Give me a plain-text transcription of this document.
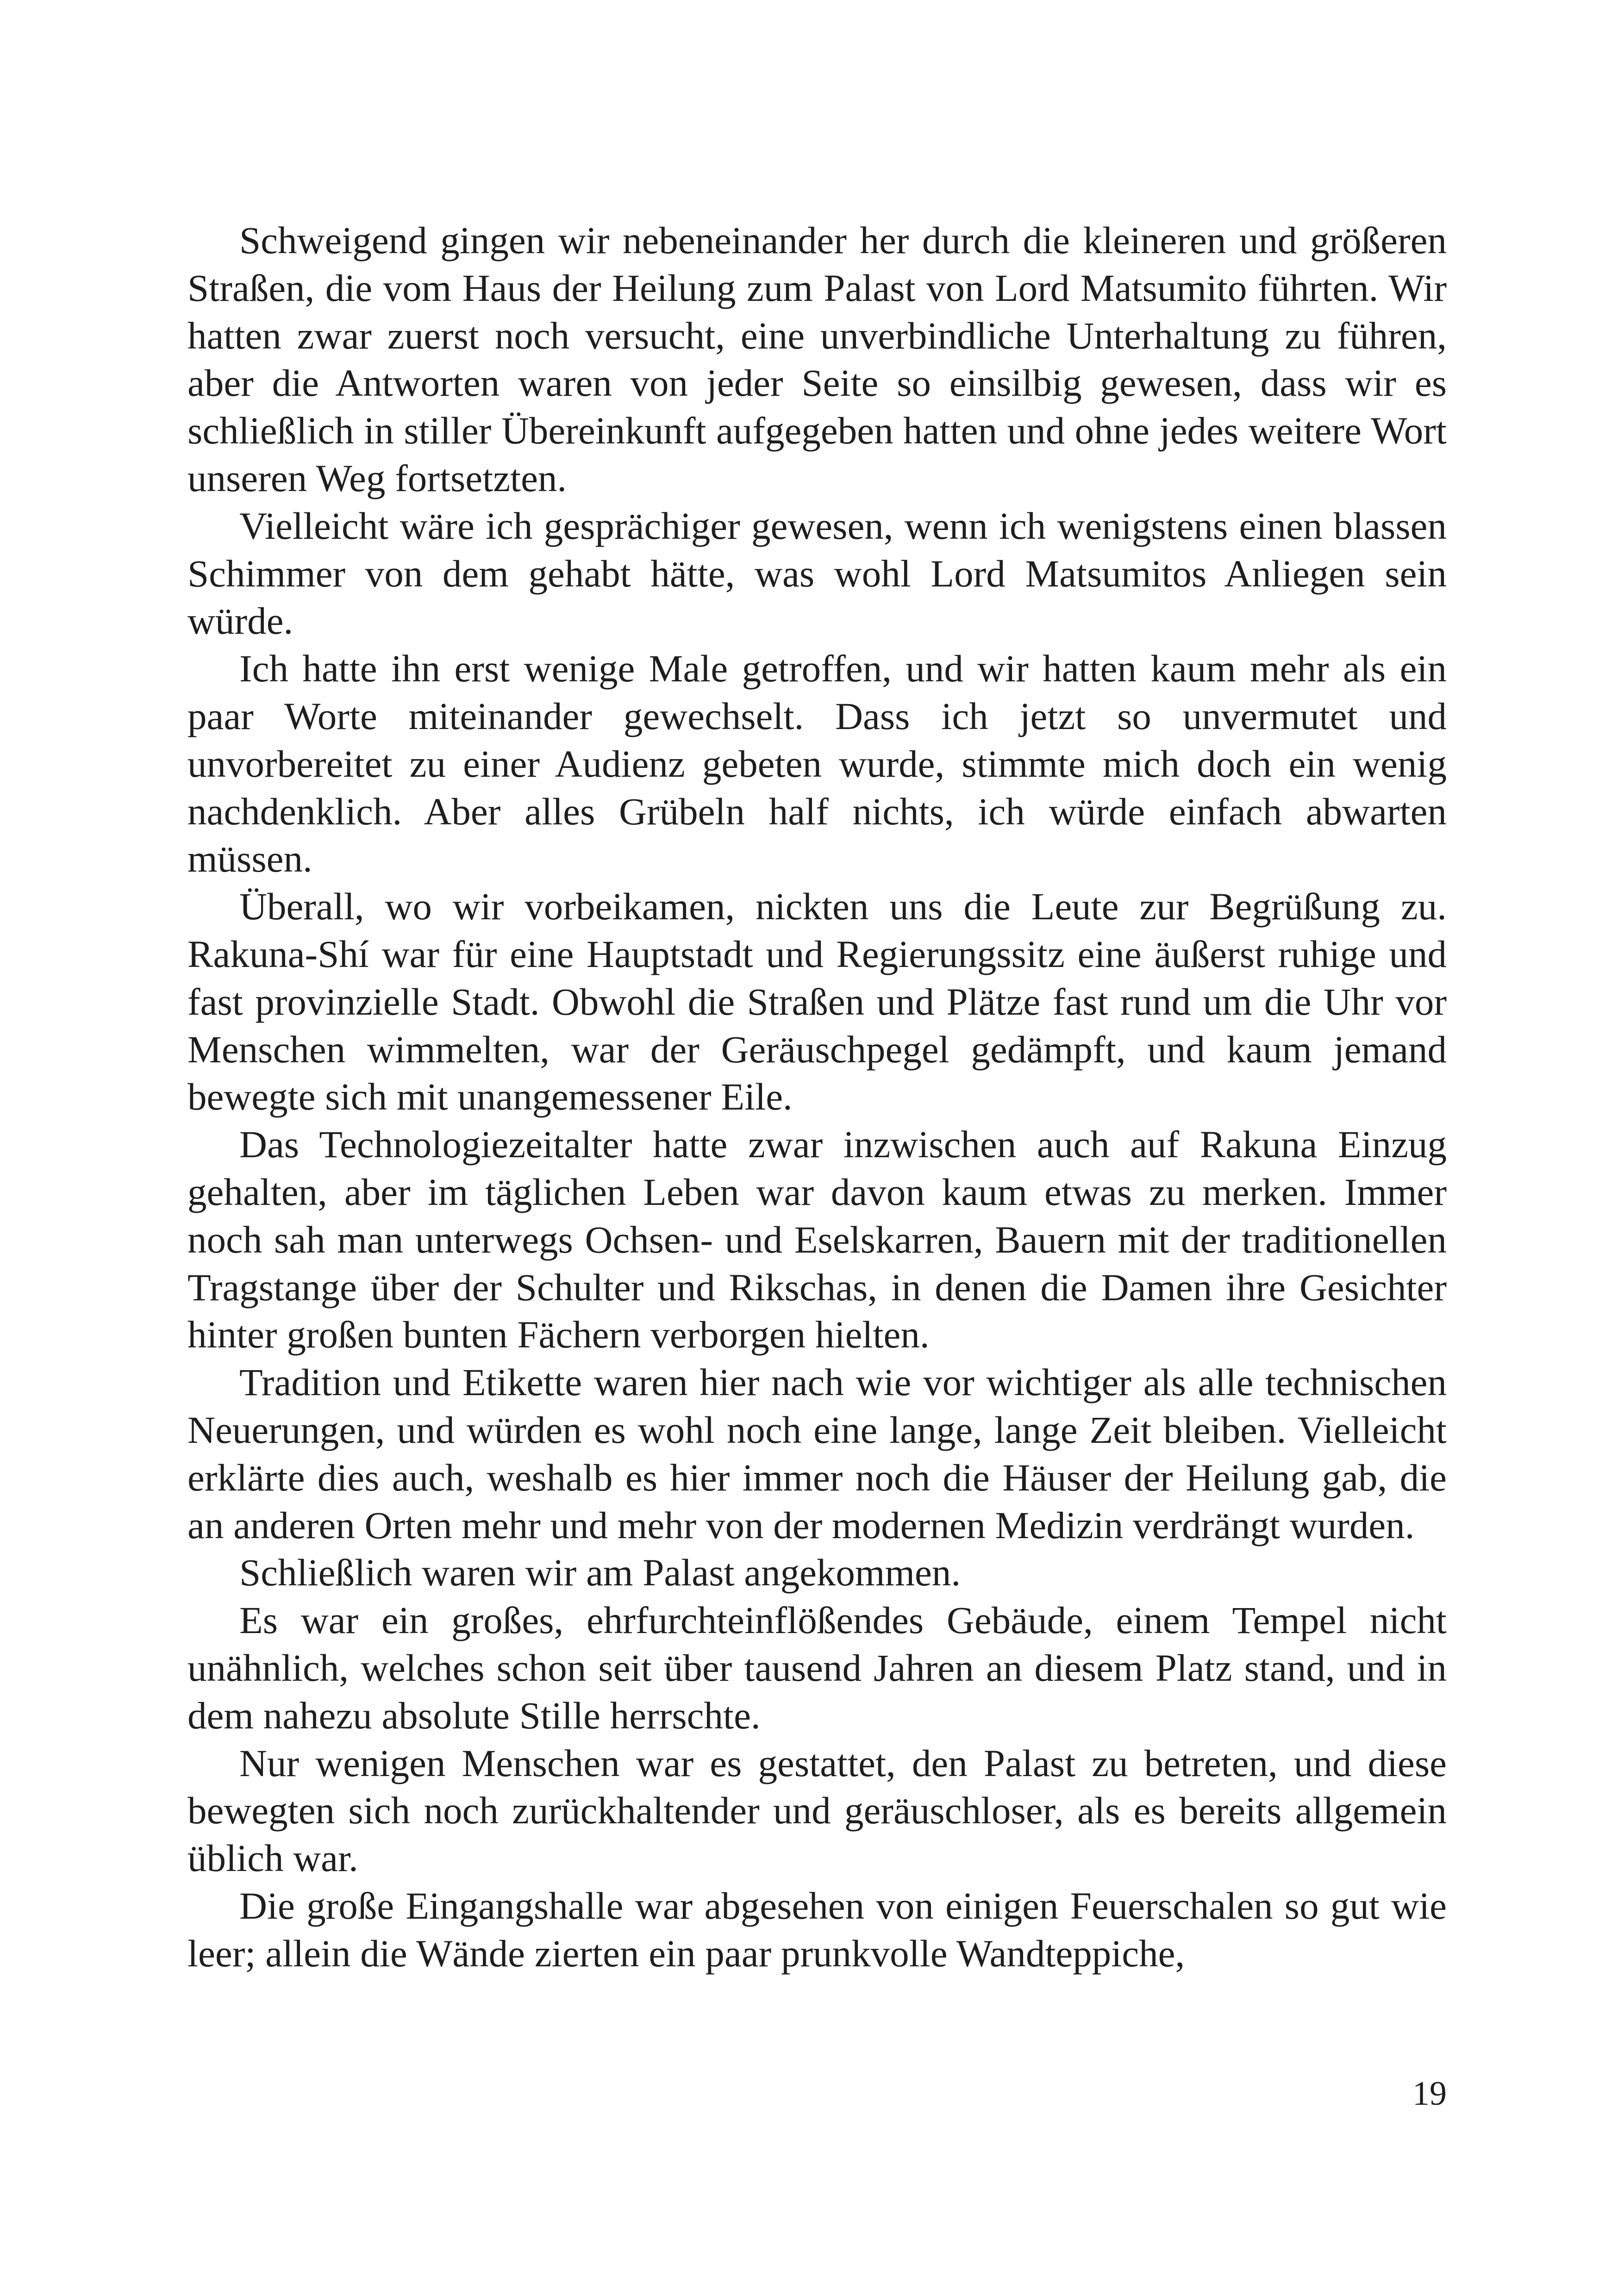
Schweigend gingen wir nebeneinander her durch die kleineren und größeren Straßen, die vom Haus der Heilung zum Palast von Lord Matsumito führten. Wir hatten zwar zuerst noch versucht, eine unverbindliche Unterhaltung zu führen, aber die Antworten waren von jeder Seite so einsilbig gewesen, dass wir es schließlich in stiller Übereinkunft aufgegeben hatten und ohne jedes weitere Wort unseren Weg fortsetzten.

Vielleicht wäre ich gesprächiger gewesen, wenn ich wenigstens einen blassen Schimmer von dem gehabt hätte, was wohl Lord Matsumitos Anliegen sein würde.

Ich hatte ihn erst wenige Male getroffen, und wir hatten kaum mehr als ein paar Worte miteinander gewechselt. Dass ich jetzt so unvermutet und unvorbereitet zu einer Audienz gebeten wurde, stimmte mich doch ein wenig nachdenklich. Aber alles Grübeln half nichts, ich würde einfach abwarten müssen.

Überall, wo wir vorbeikamen, nickten uns die Leute zur Begrüßung zu. Rakuna-Shí war für eine Hauptstadt und Regierungssitz eine äußerst ruhige und fast provinzielle Stadt. Obwohl die Straßen und Plätze fast rund um die Uhr vor Menschen wimmelten, war der Geräuschpegel gedämpft, und kaum jemand bewegte sich mit unangemessener Eile.

Das Technologiezeitalter hatte zwar inzwischen auch auf Rakuna Einzug gehalten, aber im täglichen Leben war davon kaum etwas zu merken. Immer noch sah man unterwegs Ochsen- und Eselskarren, Bauern mit der traditionellen Tragstange über der Schulter und Rikschas, in denen die Damen ihre Gesichter hinter großen bunten Fächern verborgen hielten.

Tradition und Etikette waren hier nach wie vor wichtiger als alle technischen Neuerungen, und würden es wohl noch eine lange, lange Zeit bleiben. Vielleicht erklärte dies auch, weshalb es hier immer noch die Häuser der Heilung gab, die an anderen Orten mehr und mehr von der modernen Medizin verdrängt wurden.

Schließlich waren wir am Palast angekommen.

Es war ein großes, ehrfurchteinflößendes Gebäude, einem Tempel nicht unähnlich, welches schon seit über tausend Jahren an diesem Platz stand, und in dem nahezu absolute Stille herrschte.

Nur wenigen Menschen war es gestattet, den Palast zu betreten, und diese bewegten sich noch zurückhaltender und geräuschloser, als es bereits allgemein üblich war.

Die große Eingangshalle war abgesehen von einigen Feuerschalen so gut wie leer; allein die Wände zierten ein paar prunkvolle Wandteppiche,

19
